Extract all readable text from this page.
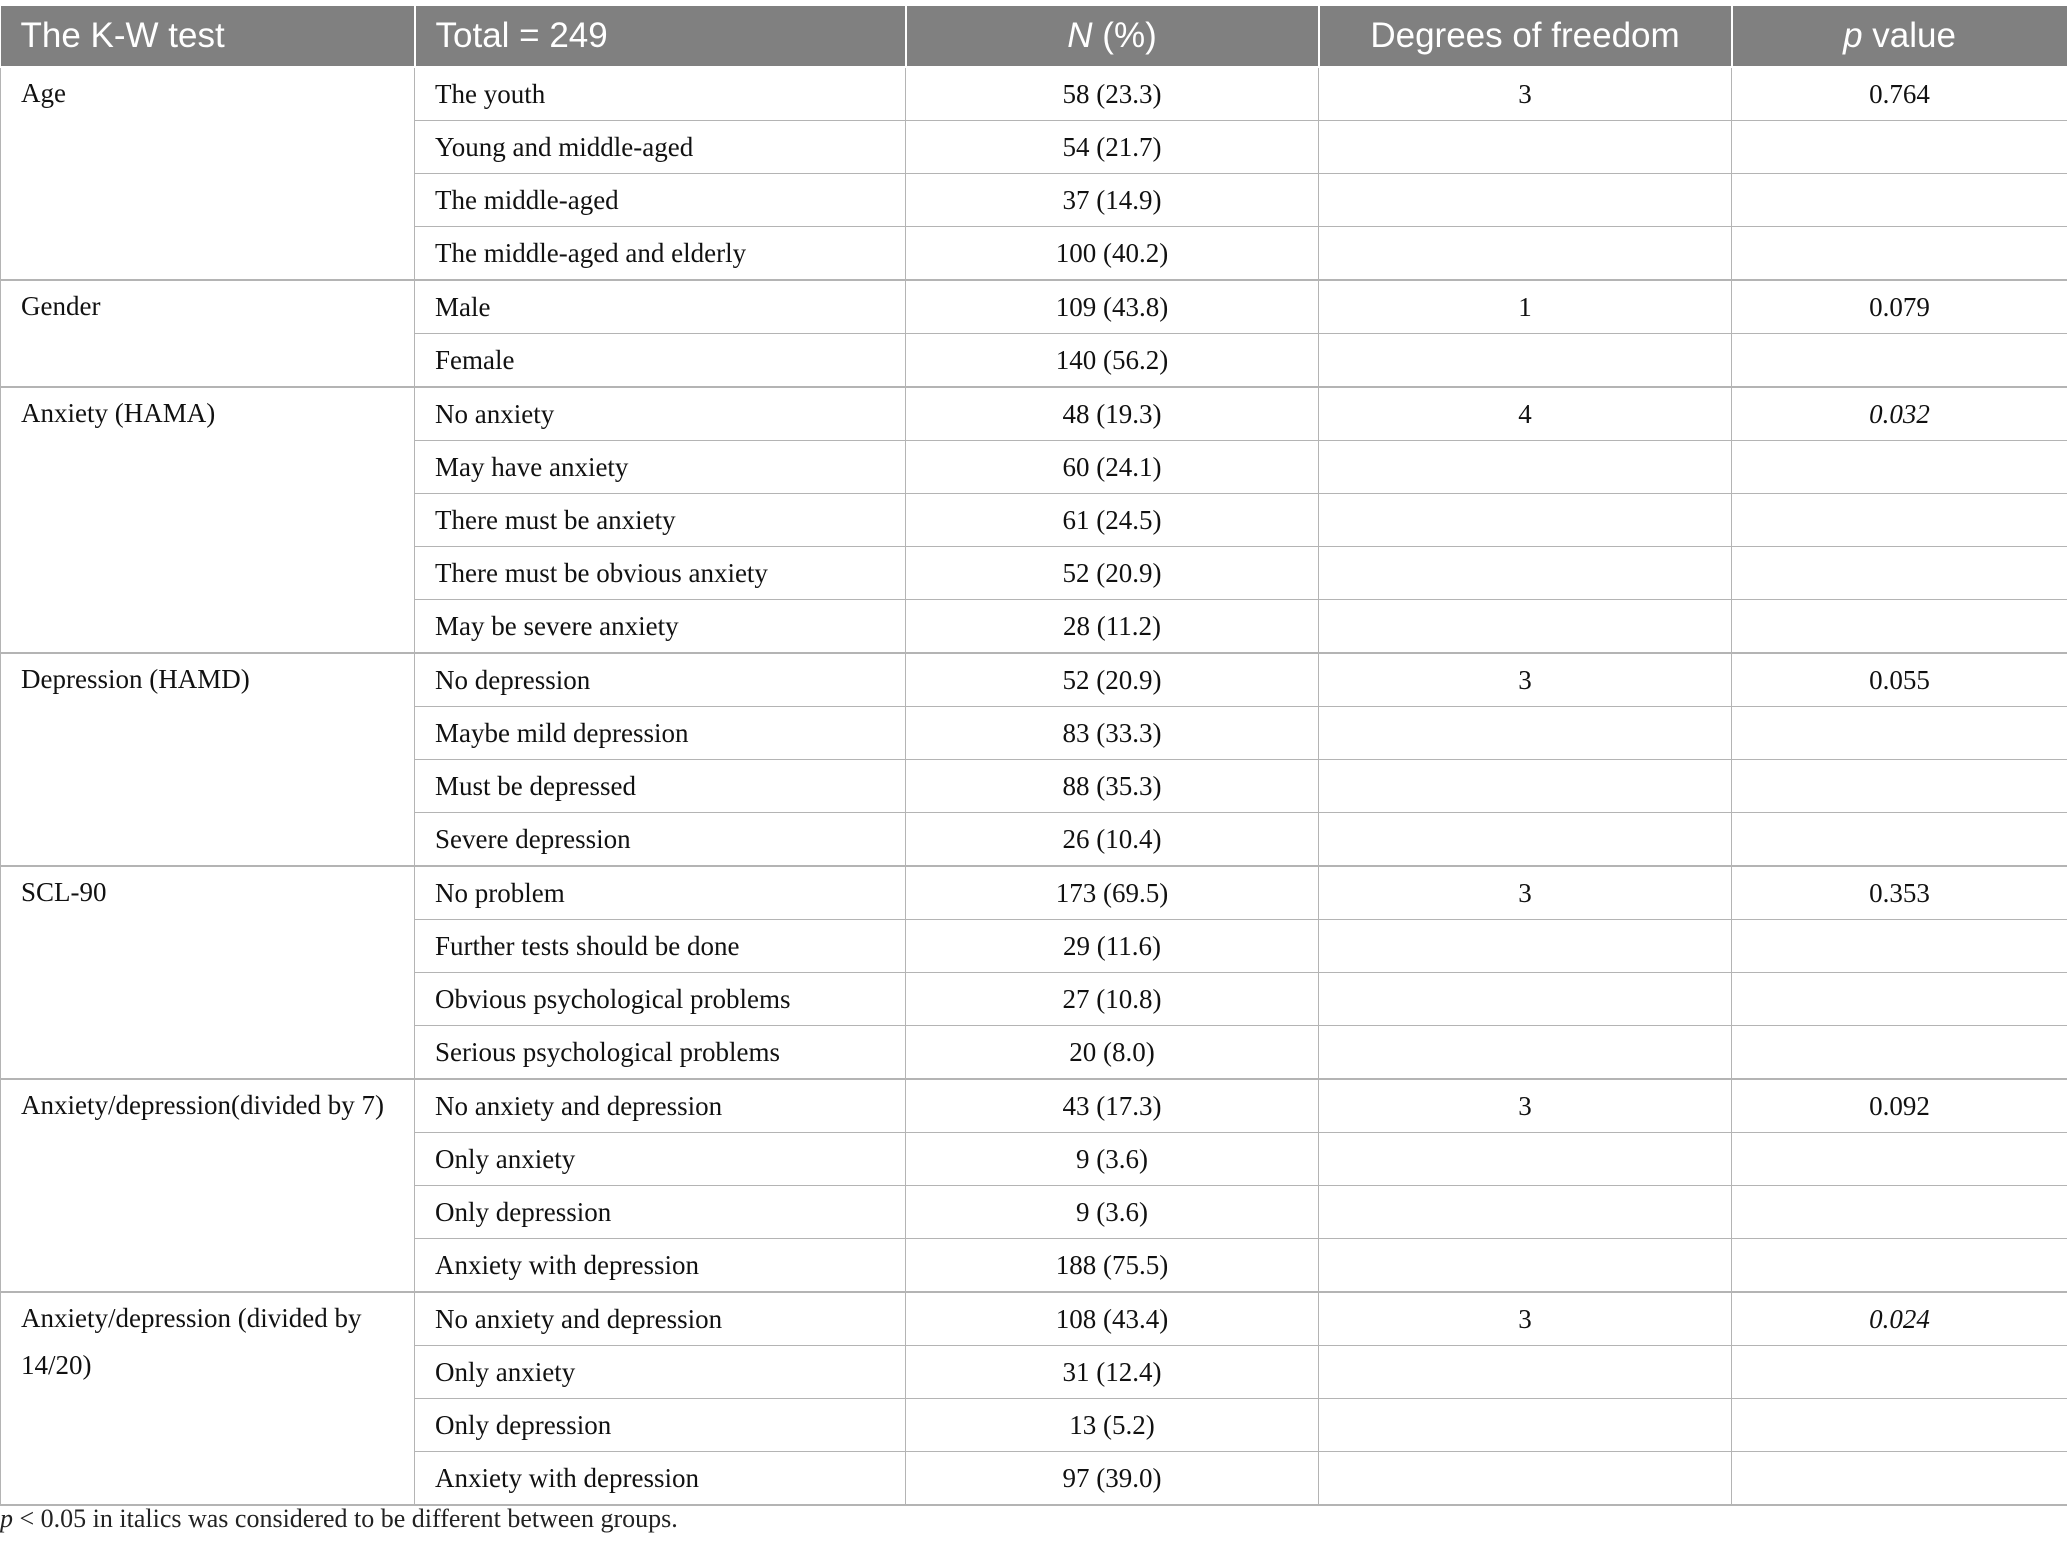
The K-W test	Total = 249	N (%)	Degrees of freedom	p value
Age	The youth	58 (23.3)	3	0.764
	Young and middle-aged	54 (21.7)		
	The middle-aged	37 (14.9)		
	The middle-aged and elderly	100 (40.2)		
Gender	Male	109 (43.8)	1	0.079
	Female	140 (56.2)		
Anxiety (HAMA)	No anxiety	48 (19.3)	4	0.032
	May have anxiety	60 (24.1)		
	There must be anxiety	61 (24.5)		
	There must be obvious anxiety	52 (20.9)		
	May be severe anxiety	28 (11.2)		
Depression (HAMD)	No depression	52 (20.9)	3	0.055
	Maybe mild depression	83 (33.3)		
	Must be depressed	88 (35.3)		
	Severe depression	26 (10.4)		
SCL-90	No problem	173 (69.5)	3	0.353
	Further tests should be done	29 (11.6)		
	Obvious psychological problems	27 (10.8)		
	Serious psychological problems	20 (8.0)		
Anxiety/depression(divided by 7)	No anxiety and depression	43 (17.3)	3	0.092
	Only anxiety	9 (3.6)		
	Only depression	9 (3.6)		
	Anxiety with depression	188 (75.5)		
Anxiety/depression (divided by 14/20)	No anxiety and depression	108 (43.4)	3	0.024
	Only anxiety	31 (12.4)		
	Only depression	13 (5.2)		
	Anxiety with depression	97 (39.0)		
p < 0.05 in italics was considered to be different between groups.
